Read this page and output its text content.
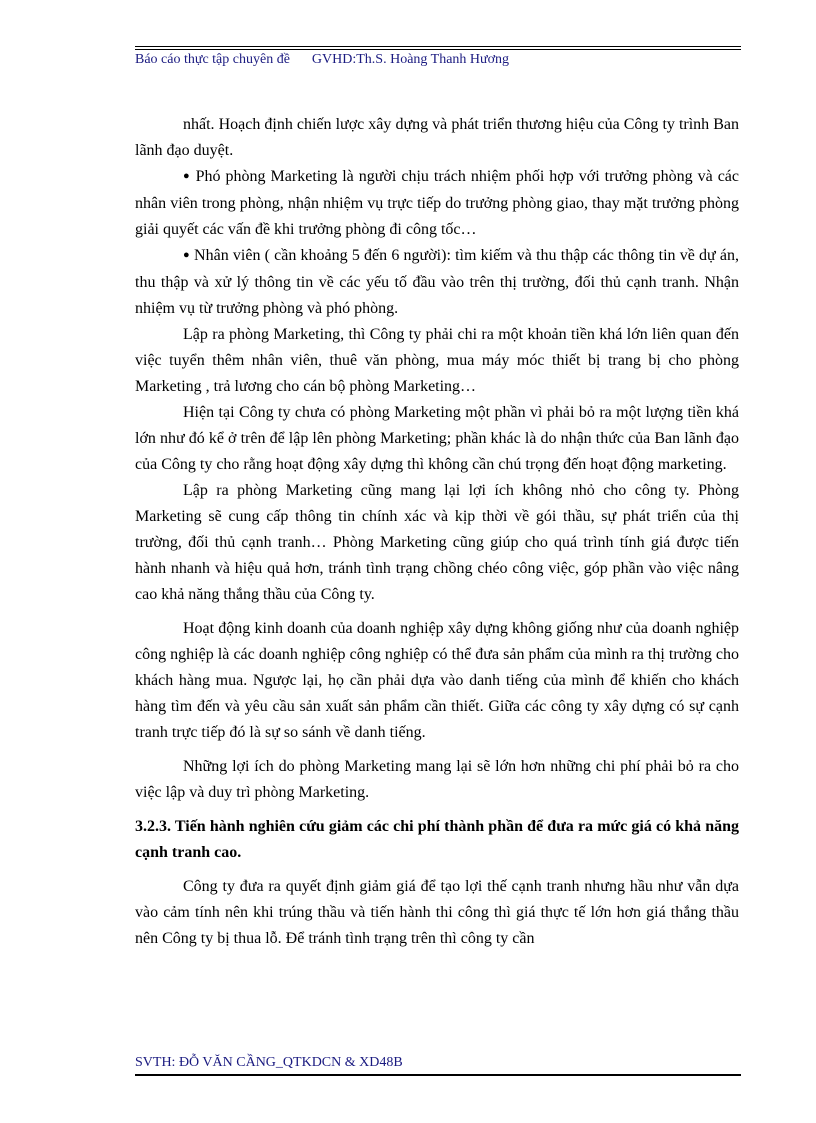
Báo cáo thực tập chuyên đề GVHD:Th.S. Hoàng Thanh Hương

nhất. Hoạch định chiến lược xây dựng và phát triển thương hiệu của Công ty trình Ban lãnh đạo duyệt.

● Phó phòng Marketing là người chịu trách nhiệm phối hợp với trưởng phòng và các nhân viên trong phòng, nhận nhiệm vụ trực tiếp do trưởng phòng giao, thay mặt trưởng phòng giải quyết các vấn đề khi trưởng phòng đi công tốc…

● Nhân viên ( cần khoảng 5 đến 6 người): tìm kiếm và thu thập các thông tin về dự án, thu thập và xử lý thông tin về các yếu tố đầu vào trên thị trường, đối thủ cạnh tranh. Nhận nhiệm vụ từ trưởng phòng và phó phòng.

Lập ra phòng Marketing, thì Công ty phải chi ra một khoản tiền khá lớn liên quan đến việc tuyển thêm nhân viên, thuê văn phòng, mua máy móc thiết bị trang bị cho phòng Marketing , trả lương cho cán bộ phòng Marketing…

Hiện tại Công ty chưa có phòng Marketing một phần vì phải bỏ ra một lượng tiền khá lớn như đó kể ở trên để lập lên phòng Marketing; phần khác là do nhận thức của Ban lãnh đạo của Công ty cho rằng hoạt động xây dựng thì không cần chú trọng đến hoạt động marketing.

Lập ra phòng Marketing cũng mang lại lợi ích không nhỏ cho công ty. Phòng Marketing sẽ cung cấp thông tin chính xác và kịp thời về gói thầu, sự phát triển của thị trường, đối thủ cạnh tranh… Phòng Marketing cũng giúp cho quá trình tính giá được tiến hành nhanh và hiệu quả hơn, tránh tình trạng chồng chéo công việc, góp phần vào việc nâng cao khả năng thắng thầu của Công ty.

Hoạt động kinh doanh của doanh nghiệp xây dựng không giống như của doanh nghiệp công nghiệp là các doanh nghiệp công nghiệp có thể đưa sản phẩm của mình ra thị trường cho khách hàng mua. Ngược lại, họ cần phải dựa vào danh tiếng của mình để khiến cho khách hàng tìm đến và yêu cầu sản xuất sản phẩm cần thiết. Giữa các công ty xây dựng có sự cạnh tranh trực tiếp đó là sự so sánh về danh tiếng.

Những lợi ích do phòng Marketing mang lại sẽ lớn hơn những chi phí phải bỏ ra cho việc lập và duy trì phòng Marketing.

3.2.3. Tiến hành nghiên cứu giảm các chi phí thành phần để đưa ra mức giá có khả năng cạnh tranh cao.

Công ty đưa ra quyết định giảm giá để tạo lợi thế cạnh tranh nhưng hầu như vẫn dựa vào cảm tính nên khi trúng thầu và tiến hành thi công thì giá thực tế lớn hơn giá thắng thầu nên Công ty bị thua lỗ. Để tránh tình trạng trên thì công ty cần

SVTH: ĐỖ VĂN CẦNG_QTKDCN & XD48B
